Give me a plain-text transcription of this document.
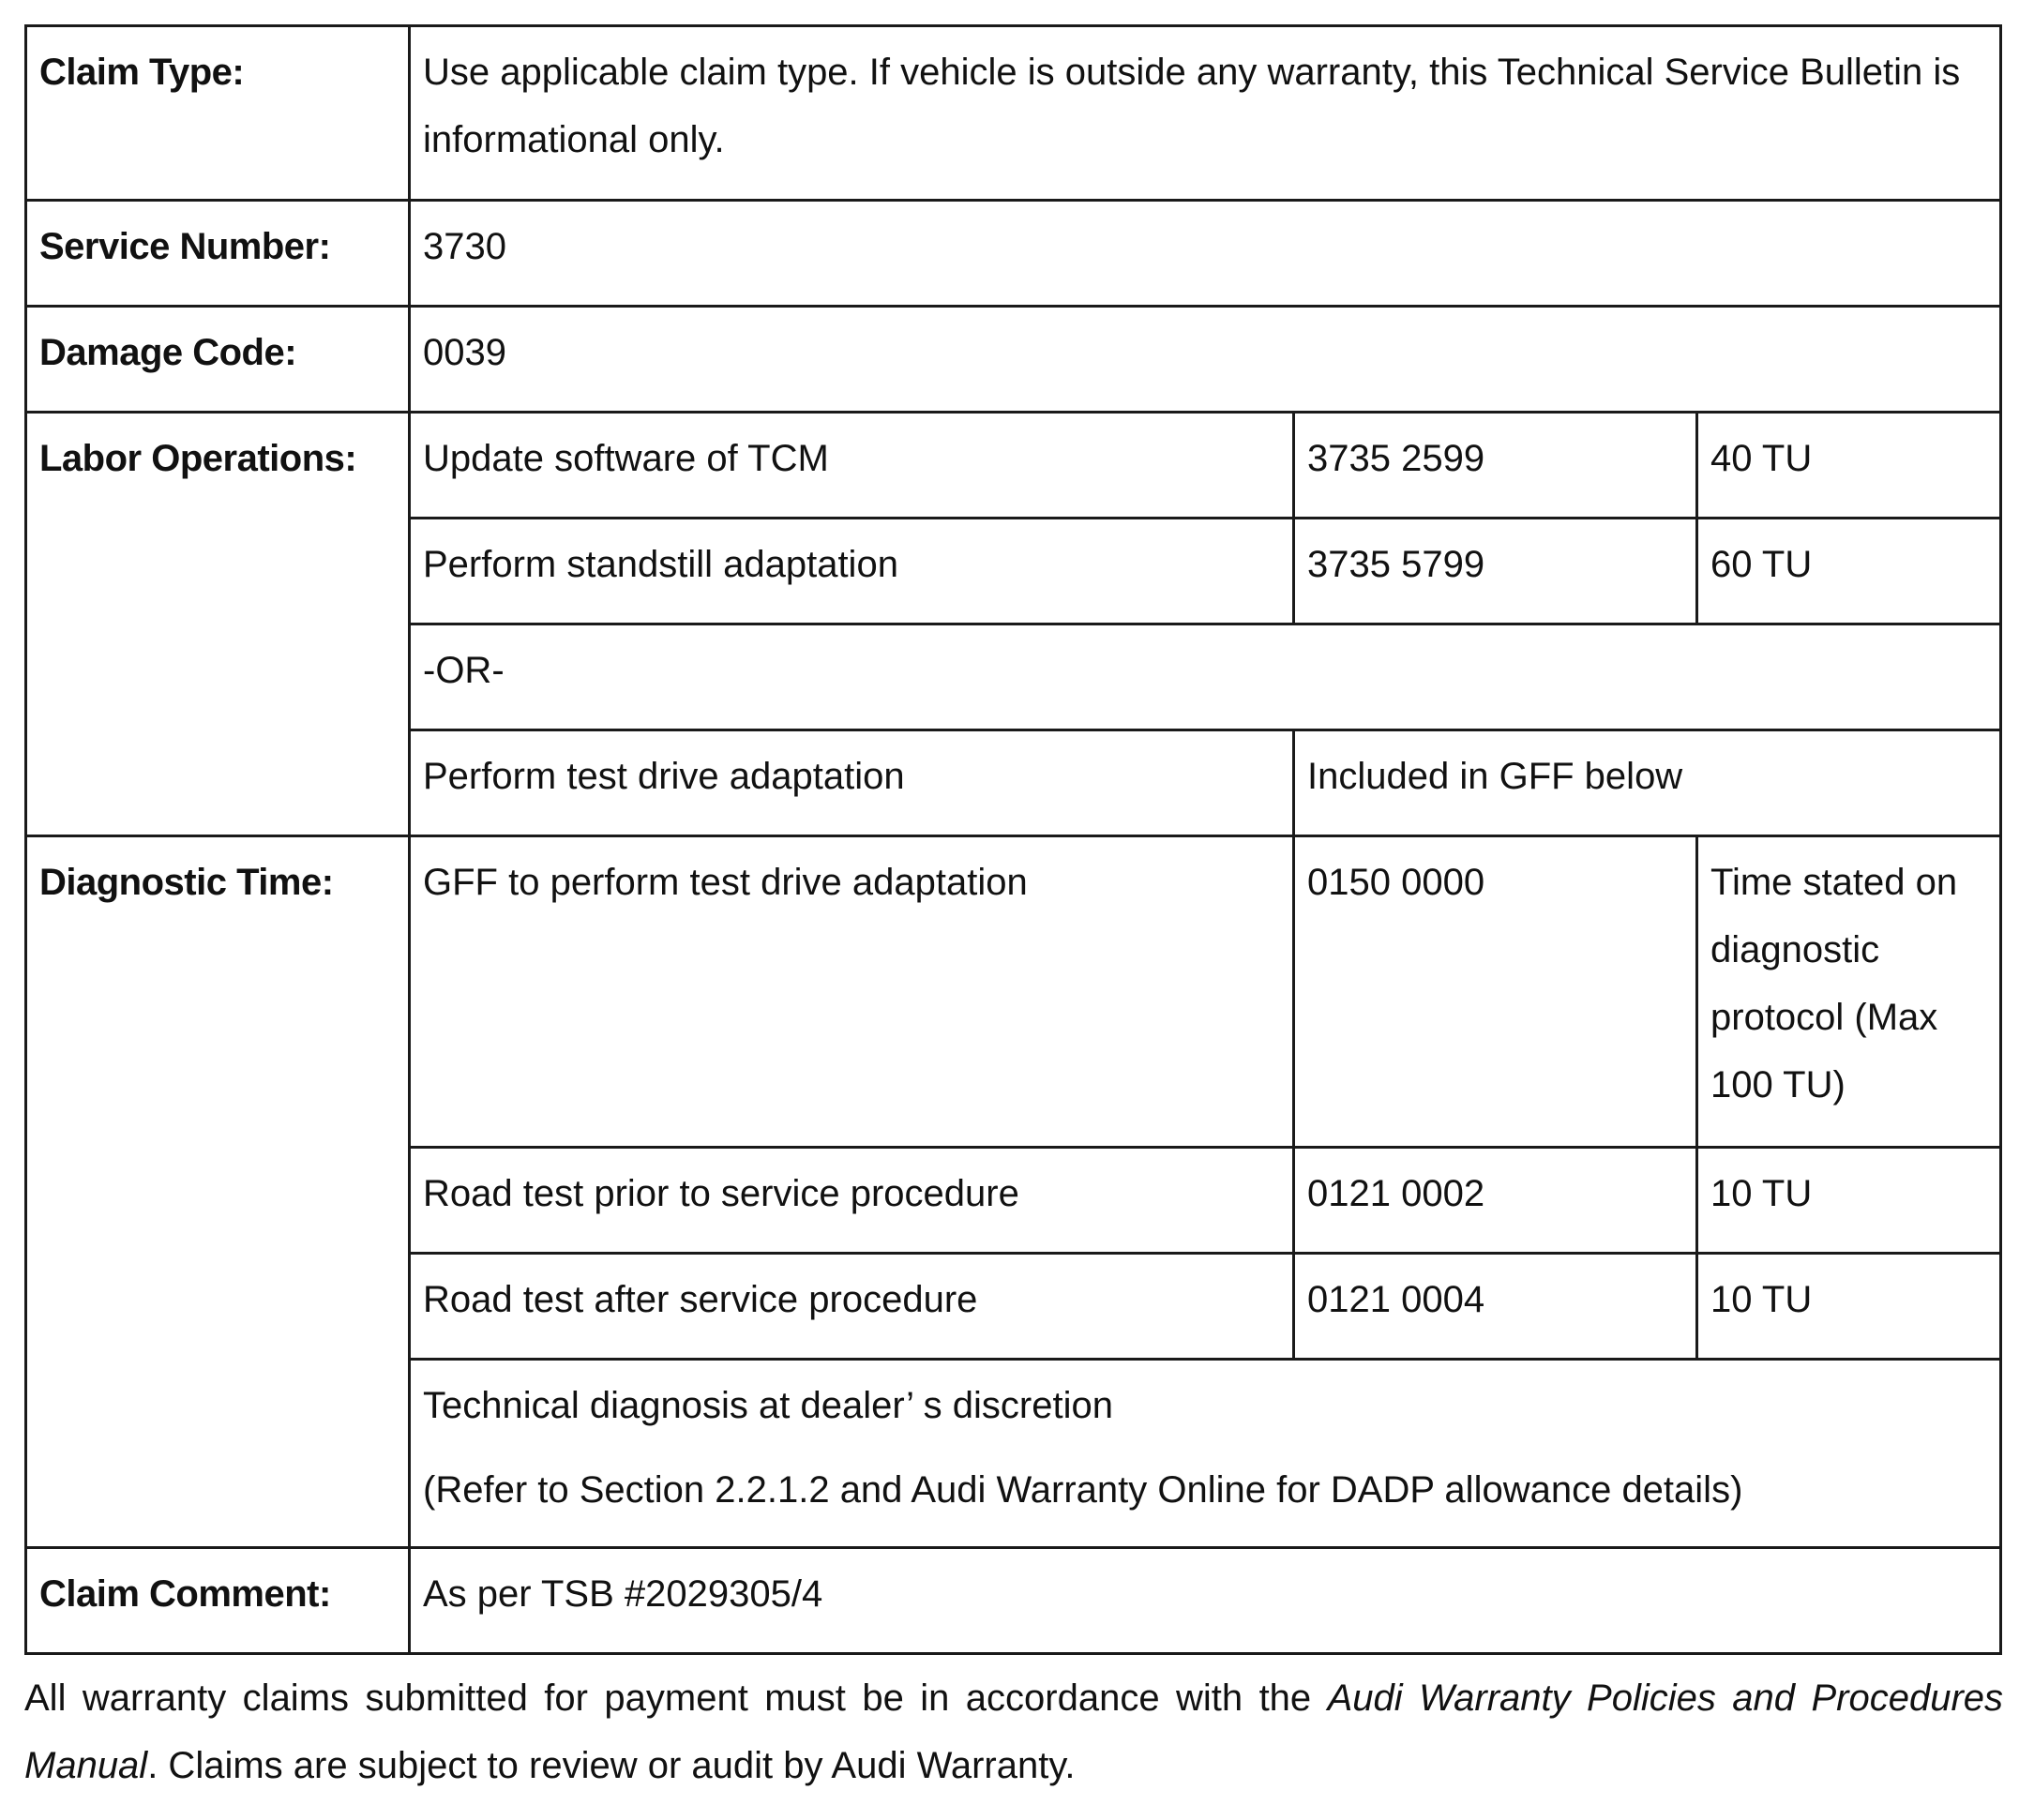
Claim Type:	Use applicable claim type. If vehicle is outside any warranty, this Technical Service Bulletin is informational only.		
Service Number:	3730		
Damage Code:	0039		
Labor Operations:	Update software of TCM	3735 2599	40 TU
	Perform standstill adaptation	3735 5799	60 TU
	-OR-		
	Perform test drive adaptation	Included in GFF below	
Diagnostic Time:	GFF to perform test drive adaptation	0150 0000	Time stated on diagnostic protocol (Max 100 TU)
	Road test prior to service procedure	0121 0002	10 TU
	Road test after service procedure	0121 0004	10 TU

	Technical diagnosis at dealer’ s discretion
(Refer to Section 2.2.1.2 and Audi Warranty Online for DADP allowance details)		

Claim Comment:	As per TSB #2029305/4		

All warranty claims submitted for payment must be in accordance with the Audi Warranty Policies and Procedures Manual. Claims are subject to review or audit by Audi Warranty.
